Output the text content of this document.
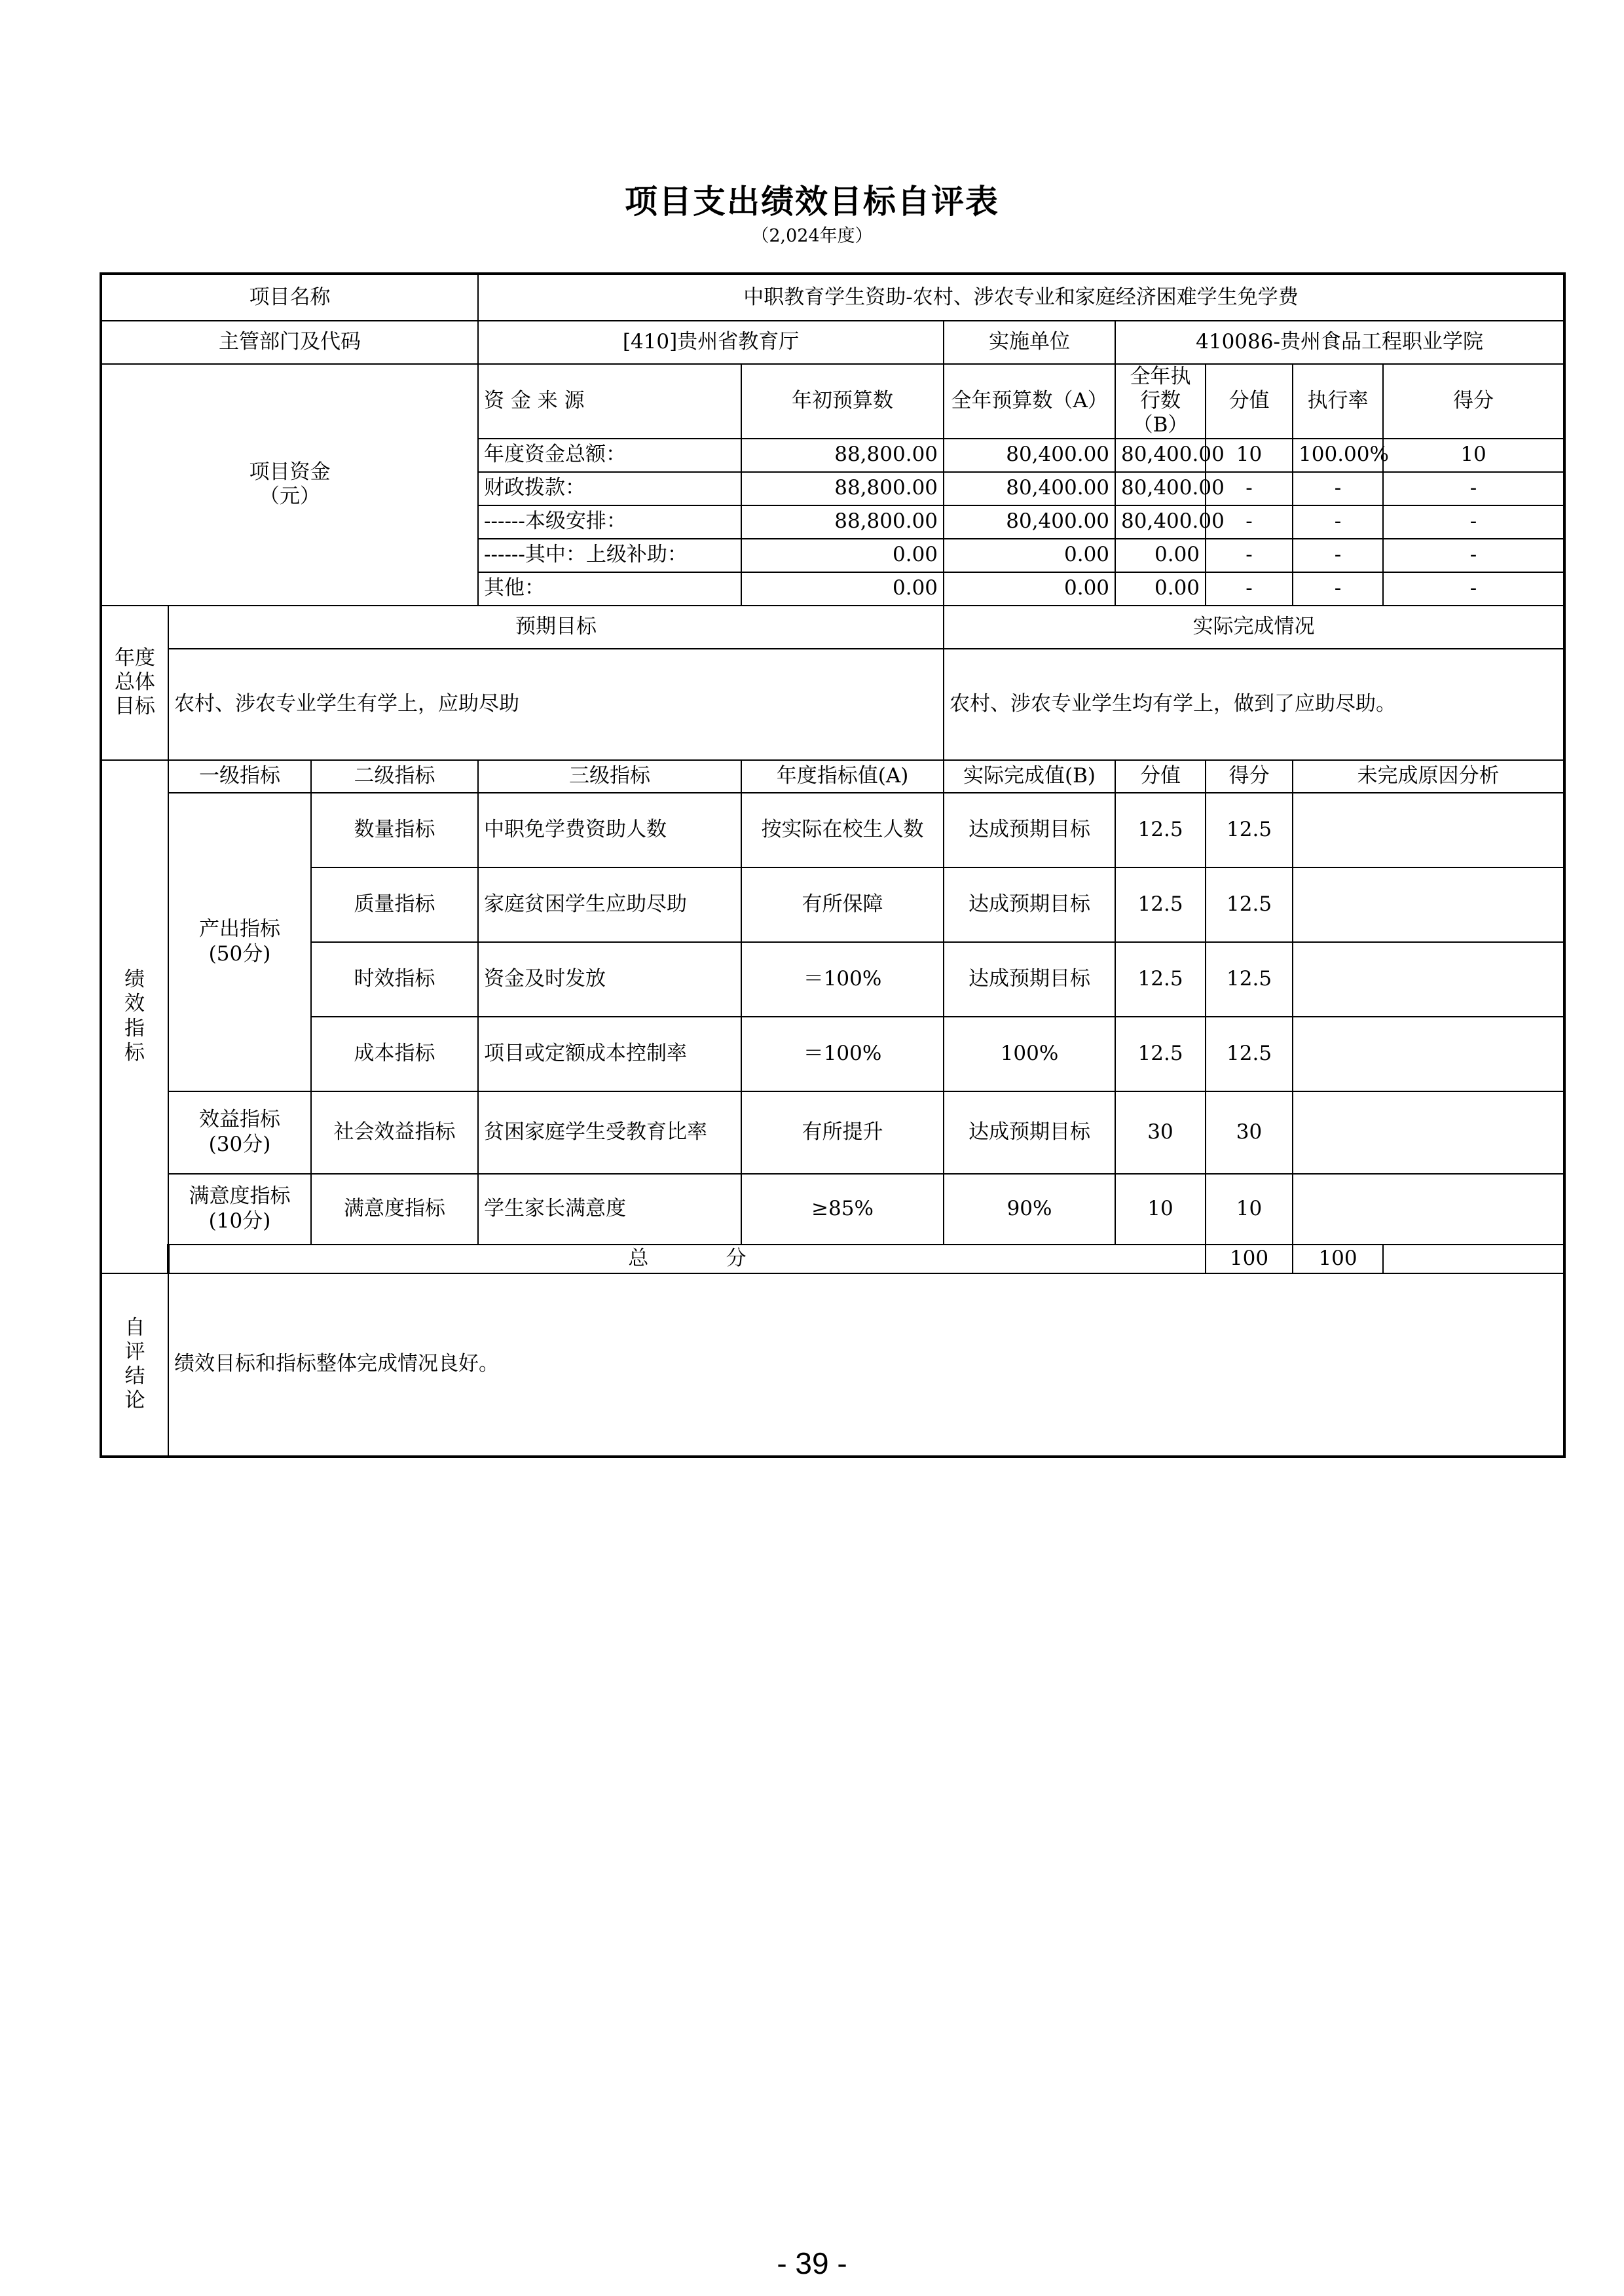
项目支出绩效目标自评表
（2,024年度）
项目名称			中职教育学生资助-农村、涉农专业和家庭经济困难学生免学费						
主管部门及代码			[410]贵州省教育厅		实施单位	410086-贵州食品工程职业学院			

项目资金
（元）			资 金 来 源	年初预算数	全年预算数（A）	全年执行数（B）	分值	执行率	得分
			年度资金总额：	88,800.00	80,400.00	80,400.00	10	100.00%	10
			财政拨款：	88,800.00	80,400.00	80,400.00	-	-	-
			------本级安排：	88,800.00	80,400.00	80,400.00	-	-	-
			------其中：上级补助：	0.00	0.00	0.00	-	-	-
			其他：	0.00	0.00	0.00	-	-	-

年度
总体
目标	预期目标				实际完成情况				
	农村、涉农专业学生有学上，应助尽助				农村、涉农专业学生均有学上，做到了应助尽助。				

绩
效
指
标	一级指标	二级指标	三级指标	年度指标值(A)	实际完成值(B)	分值	得分	未完成原因分析	

	产出指标
(50分)	数量指标	中职免学费资助人数	按实际在校生人数	达成预期目标	12.5	12.5		
		质量指标	家庭贫困学生应助尽助	有所保障	达成预期目标	12.5	12.5		
		时效指标	资金及时发放	＝100%	达成预期目标	12.5	12.5		
		成本指标	项目或定额成本控制率	＝100%	100%	12.5	12.5		

	效益指标
(30分)	社会效益指标	贫困家庭学生受教育比率	有所提升	达成预期目标	30	30		

	满意度指标
(10分)	满意度指标	学生家长满意度	≥85%	90%	10	10		
	总            分						100	100	

自
评
结
论	绩效目标和指标整体完成情况良好。								
- 39 -
